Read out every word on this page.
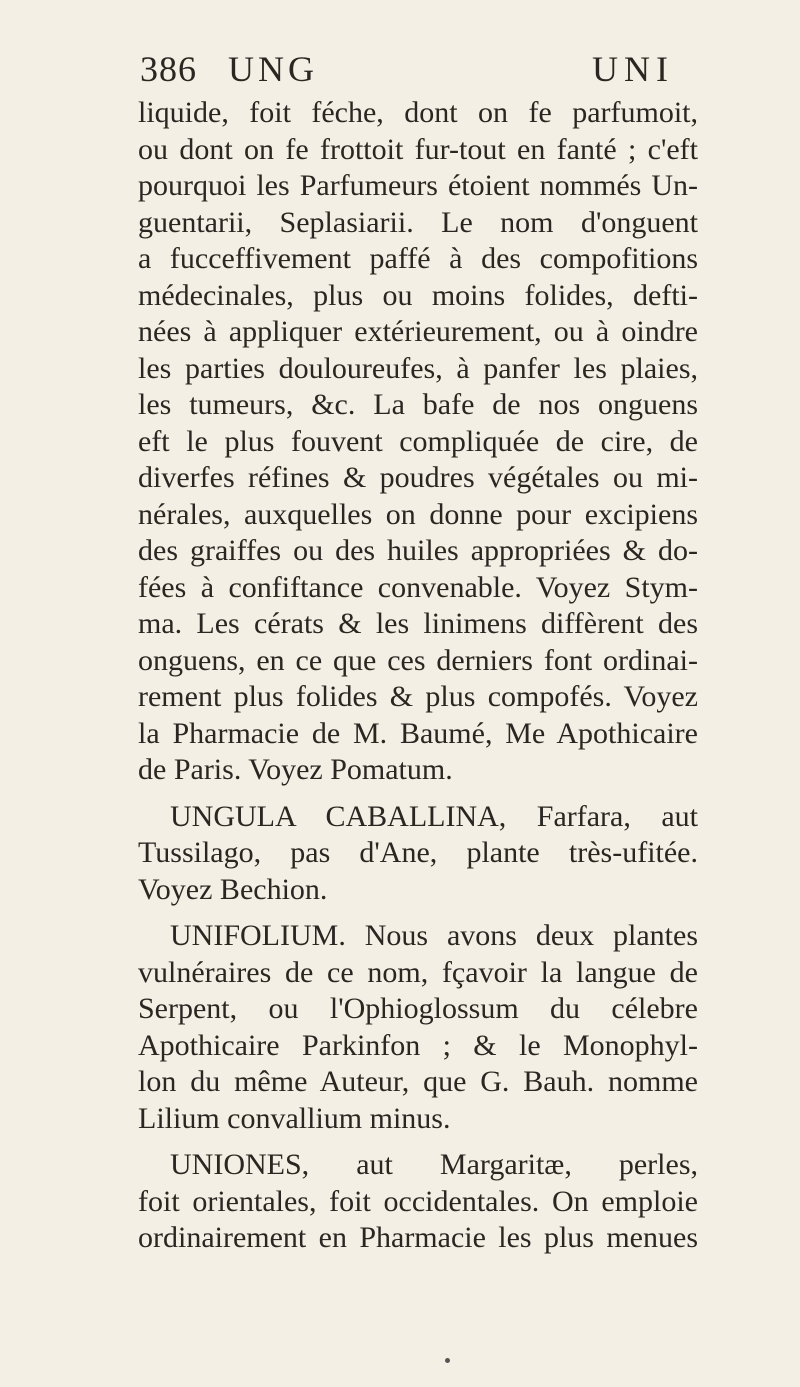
386 UNG	UNI
liquide, foit féche, dont on fe parfumoit,
ou dont on fe frottoit fur-tout en fanté ; c'eft
pourquoi les Parfumeurs étoient nommés Un-
guentarii, Seplasiarii. Le nom d'onguent
a fucceffivement paffé à des compofitions
médecinales, plus ou moins folides, defti-
nées à appliquer extérieurement, ou à oindre
les parties douloureufes, à panfer les plaies,
les tumeurs, &c. La bafe de nos onguens
eft le plus fouvent compliquée de cire, de
diverfes réfines & poudres végétales ou mi-
nérales, auxquelles on donne pour excipiens
des graiffes ou des huiles appropriées & do-
fées à confiftance convenable. Voyez Stym-
ma. Les cérats & les linimens diffèrent des
onguens, en ce que ces derniers font ordinai-
rement plus folides & plus compofés. Voyez
la Pharmacie de M. Baumé, Me Apothicaire
de Paris. Voyez Pomatum.
UNGULA CABALLINA, Farfara, aut
Tussilago, pas d'Ane, plante très-ufitée.
Voyez Bechion.
UNIFOLIUM. Nous avons deux plantes
vulnéraires de ce nom, fçavoir la langue de
Serpent, ou l'Ophioglossum du célebre
Apothicaire Parkinfon ; & le Monophyl-
lon du même Auteur, que G. Bauh. nomme
Lilium convallium minus.
UNIONES, aut Margaritæ, perles,
foit orientales, foit occidentales. On emploie
ordinairement en Pharmacie les plus menues
